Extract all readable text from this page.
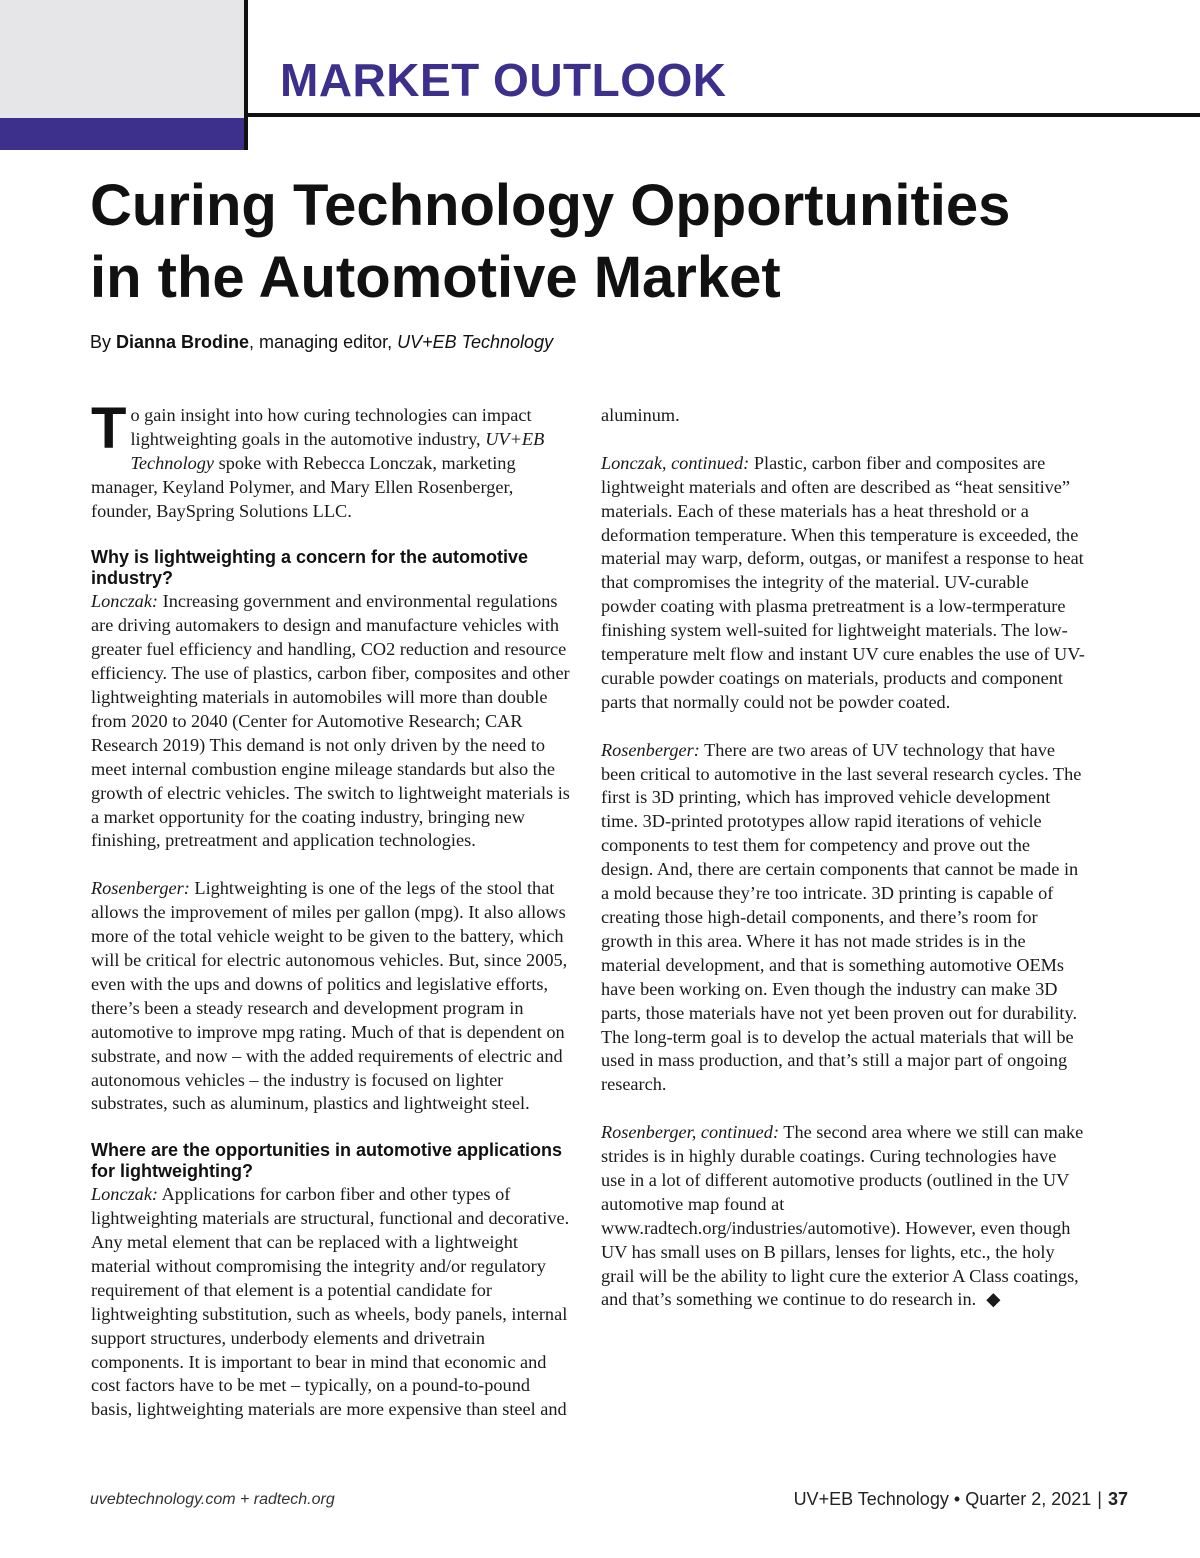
MARKET OUTLOOK
Curing Technology Opportunities
in the Automotive Market
By Dianna Brodine, managing editor, UV+EB Technology

To gain insight into how curing technologies can impact lightweighting goals in the automotive industry, UV+EB Technology spoke with Rebecca Lonczak, marketing manager, Keyland Polymer, and Mary Ellen Rosenberger, founder, BaySpring Solutions LLC.

Why is lightweighting a concern for the automotive industry?

Lonczak: Increasing government and environmental regulations are driving automakers to design and manufacture vehicles with greater fuel efficiency and handling, CO2 reduction and resource efficiency. The use of plastics, carbon fiber, composites and other lightweighting materials in automobiles will more than double from 2020 to 2040 (Center for Automotive Research; CAR Research 2019) This demand is not only driven by the need to meet internal combustion engine mileage standards but also the growth of electric vehicles. The switch to lightweight materials is a market opportunity for the coating industry, bringing new finishing, pretreatment and application technologies.

Rosenberger: Lightweighting is one of the legs of the stool that allows the improvement of miles per gallon (mpg). It also allows more of the total vehicle weight to be given to the battery, which will be critical for electric autonomous vehicles. But, since 2005, even with the ups and downs of politics and legislative efforts, there’s been a steady research and development program in automotive to improve mpg rating. Much of that is dependent on substrate, and now – with the added requirements of electric and autonomous vehicles – the industry is focused on lighter substrates, such as aluminum, plastics and lightweight steel.

Where are the opportunities in automotive applications for lightweighting?

Lonczak: Applications for carbon fiber and other types of lightweighting materials are structural, functional and decorative. Any metal element that can be replaced with a lightweight material without compromising the integrity and/or regulatory requirement of that element is a potential candidate for lightweighting substitution, such as wheels, body panels, internal support structures, underbody elements and drivetrain components. It is important to bear in mind that economic and cost factors have to be met – typically, on a pound-to-pound basis, lightweighting materials are more expensive than steel and

aluminum.

Lonczak, continued: Plastic, carbon fiber and composites are lightweight materials and often are described as “heat sensitive” materials. Each of these materials has a heat threshold or a deformation temperature. When this temperature is exceeded, the material may warp, deform, outgas, or manifest a response to heat that compromises the integrity of the material. UV-curable powder coating with plasma pretreatment is a low-termperature finishing system well-suited for lightweight materials. The low-temperature melt flow and instant UV cure enables the use of UV-curable powder coatings on materials, products and component parts that normally could not be powder coated.

Rosenberger: There are two areas of UV technology that have been critical to automotive in the last several research cycles. The first is 3D printing, which has improved vehicle development time. 3D-printed prototypes allow rapid iterations of vehicle components to test them for competency and prove out the design. And, there are certain components that cannot be made in a mold because they’re too intricate. 3D printing is capable of creating those high-detail components, and there’s room for growth in this area. Where it has not made strides is in the material development, and that is something automotive OEMs have been working on. Even though the industry can make 3D parts, those materials have not yet been proven out for durability. The long-term goal is to develop the actual materials that will be used in mass production, and that’s still a major part of ongoing research.

Rosenberger, continued: The second area where we still can make strides is in highly durable coatings. Curing technologies have use in a lot of different automotive products (outlined in the UV automotive map found at www.radtech.org/industries/automotive). However, even though UV has small uses on B pillars, lenses for lights, etc., the holy grail will be the ability to light cure the exterior A Class coatings, and that’s something we continue to do research in. ◆

uvebtechnology.com + radtech.org	UV+EB Technology • Quarter 2, 2021 | 37
